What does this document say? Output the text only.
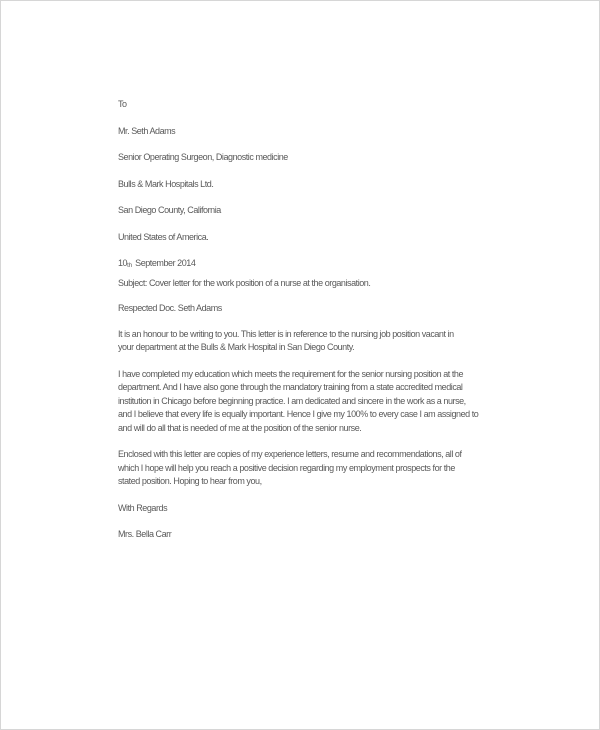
To
Mr. Seth Adams
Senior Operating Surgeon, Diagnostic medicine
Bulls & Mark Hospitals Ltd.
San Diego County, California
United States of America.
10th September 2014
Subject: Cover letter for the work position of a nurse at the organisation.
Respected Doc. Seth Adams
It is an honour to be writing to you. This letter is in reference to the nursing job position vacant in
your department at the Bulls & Mark Hospital in San Diego County.
I have completed my education which meets the requirement for the senior nursing position at the
department. And I have also gone through the mandatory training from a state accredited medical
institution in Chicago before beginning practice. I am dedicated and sincere in the work as a nurse,
and I believe that every life is equally important. Hence I give my 100% to every case I am assigned to
and will do all that is needed of me at the position of the senior nurse.
Enclosed with this letter are copies of my experience letters, resume and recommendations, all of
which I hope will help you reach a positive decision regarding my employment prospects for the
stated position. Hoping to hear from you,
With Regards
Mrs. Bella Carr
